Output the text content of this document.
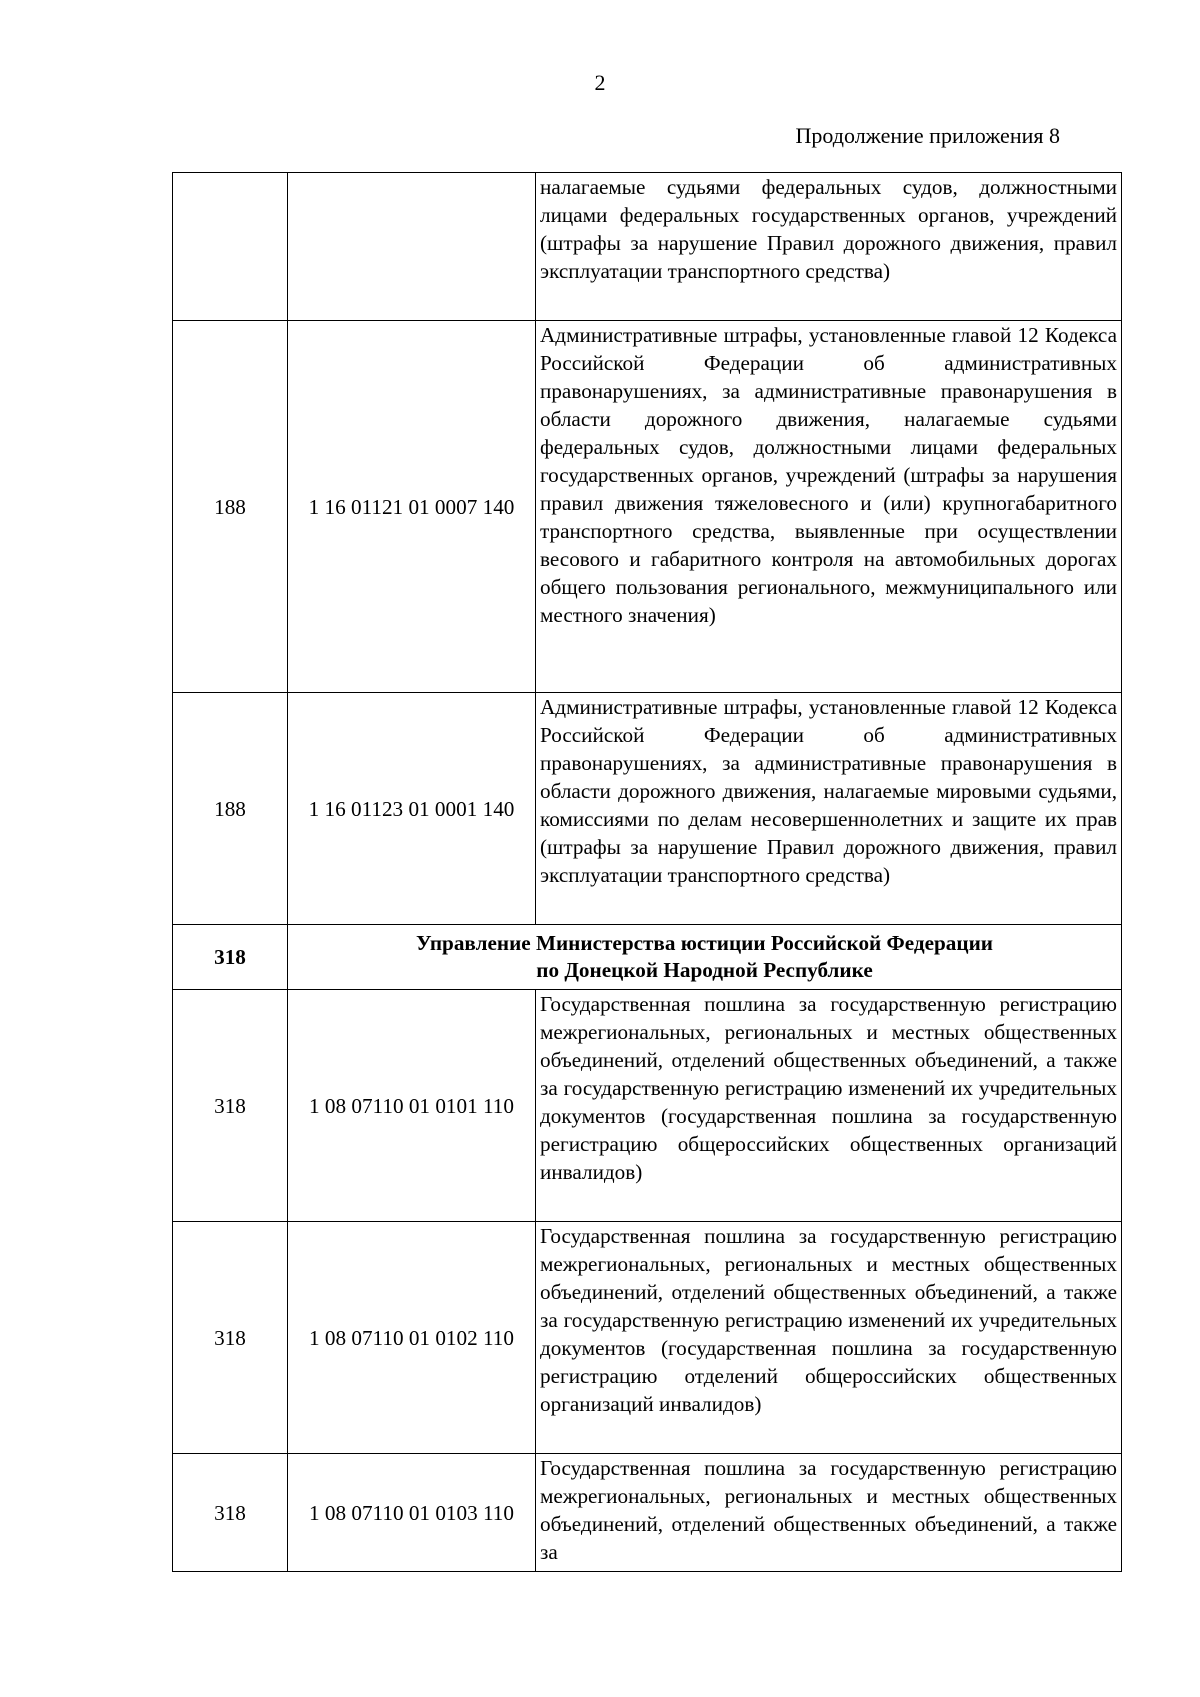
2
Продолжение приложения 8
		налагаемые судьями федеральных судов, должностными лицами федеральных государственных органов, учреждений (штрафы за нарушение Правил дорожного движения, правил эксплуатации транспортного средства)
188	1 16 01121 01 0007 140	Административные штрафы, установленные главой 12 Кодекса Российской Федерации об административных правонарушениях, за административные правонарушения в области дорожного движения, налагаемые судьями федеральных судов, должностными лицами федеральных государственных органов, учреждений (штрафы за нарушения правил движения тяжеловесного и (или) крупногабаритного транспортного средства, выявленные при осуществлении весового и габаритного контроля на автомобильных дорогах общего пользования регионального, межмуниципального или местного значения)
188	1 16 01123 01 0001 140	Административные штрафы, установленные главой 12 Кодекса Российской Федерации об административных правонарушениях, за административные правонарушения в области дорожного движения, налагаемые мировыми судьями, комиссиями по делам несовершеннолетних и защите их прав (штрафы за нарушение Правил дорожного движения, правил эксплуатации транспортного средства)
318	Управление Министерства юстиции Российской Федерации
по Донецкой Народной Республике	

318	1 08 07110 01 0101 110	Государственная пошлина за государственную регистрацию межрегиональных, региональных и местных общественных объединений, отделений общественных объединений, а также за государственную регистрацию изменений их учредительных документов (государственная пошлина за государственную регистрацию общероссийских общественных организаций инвалидов)
318	1 08 07110 01 0102 110	Государственная пошлина за государственную регистрацию межрегиональных, региональных и местных общественных объединений, отделений общественных объединений, а также за государственную регистрацию изменений их учредительных документов (государственная пошлина за государственную регистрацию отделений общероссийских общественных организаций инвалидов)
318	1 08 07110 01 0103 110	Государственная пошлина за государственную регистрацию межрегиональных, региональных и местных общественных объединений, отделений общественных объединений, а также за
